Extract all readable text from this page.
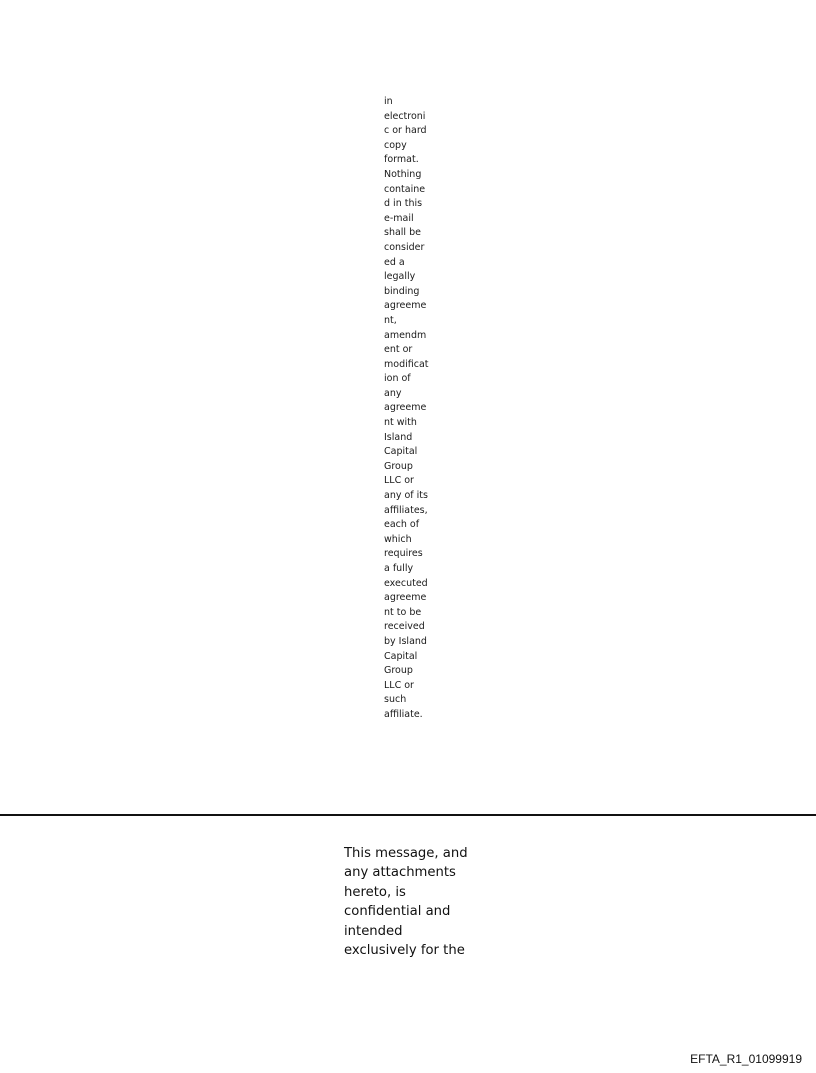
in
electroni
c or hard
copy
format.
Nothing
containe
d in this
e-mail
shall be
consider
ed a
legally
binding
agreeme
nt,
amendm
ent or
modificat
ion of
any
agreeme
nt with
Island
Capital
Group
LLC or
any of its
affiliates,
each of
which
requires
a fully
executed
agreeme
nt to be
received
by Island
Capital
Group
LLC or
such
affiliate.
This message, and
any attachments
hereto, is
confidential and
intended
exclusively for the
EFTA_R1_01099919
